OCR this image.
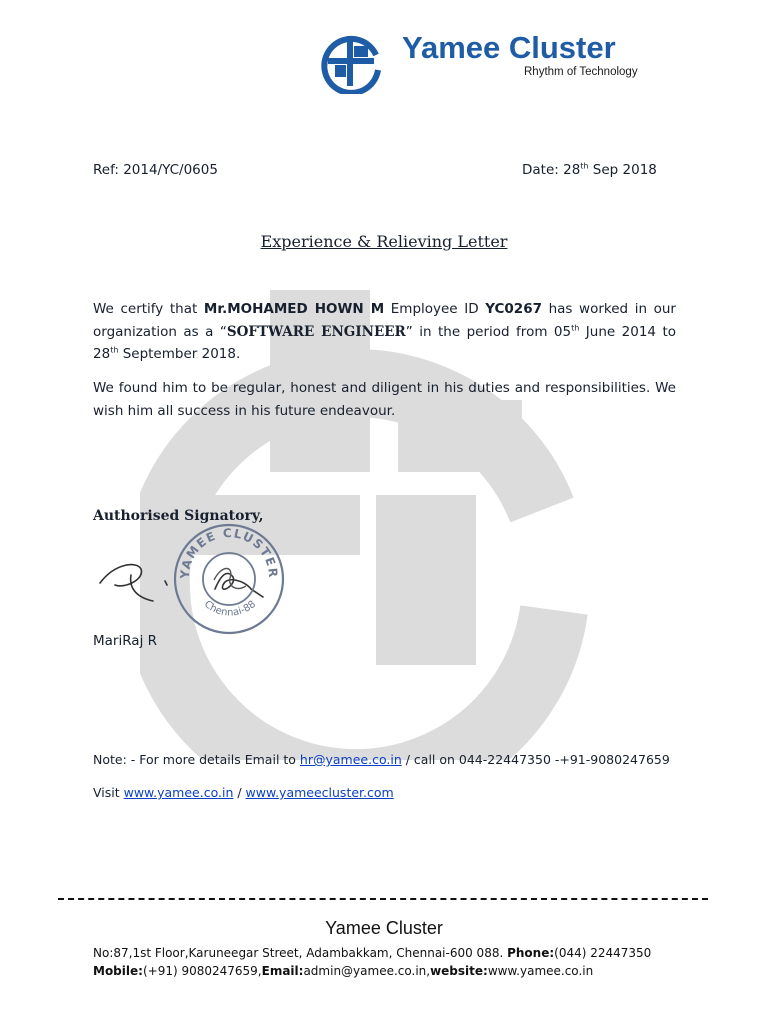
Yamee Cluster
Rhythm of Technology
Ref: 2014/YC/0605	Date: 28th Sep 2018
Experience & Relieving Letter
We certify that Mr.MOHAMED HOWN M Employee ID YC0267 has worked in our organization as a “SOFTWARE ENGINEER” in the period from 05th June 2014 to 28th September 2018.
We found him to be regular, honest and diligent in his duties and responsibilities. We wish him all success in his future endeavour.
Authorised Signatory,
YAMEE CLUSTER
Chennai-88
MariRaj R
Note: - For more details Email to hr@yamee.co.in / call on 044-22447350 -+91-9080247659
Visit www.yamee.co.in / www.yameecluster.com
Yamee Cluster
No:87,1st Floor,Karuneegar Street, Adambakkam, Chennai-600 088. Phone:(044) 22447350
Mobile:(+91) 9080247659,Email:admin@yamee.co.in,website:www.yamee.co.in
